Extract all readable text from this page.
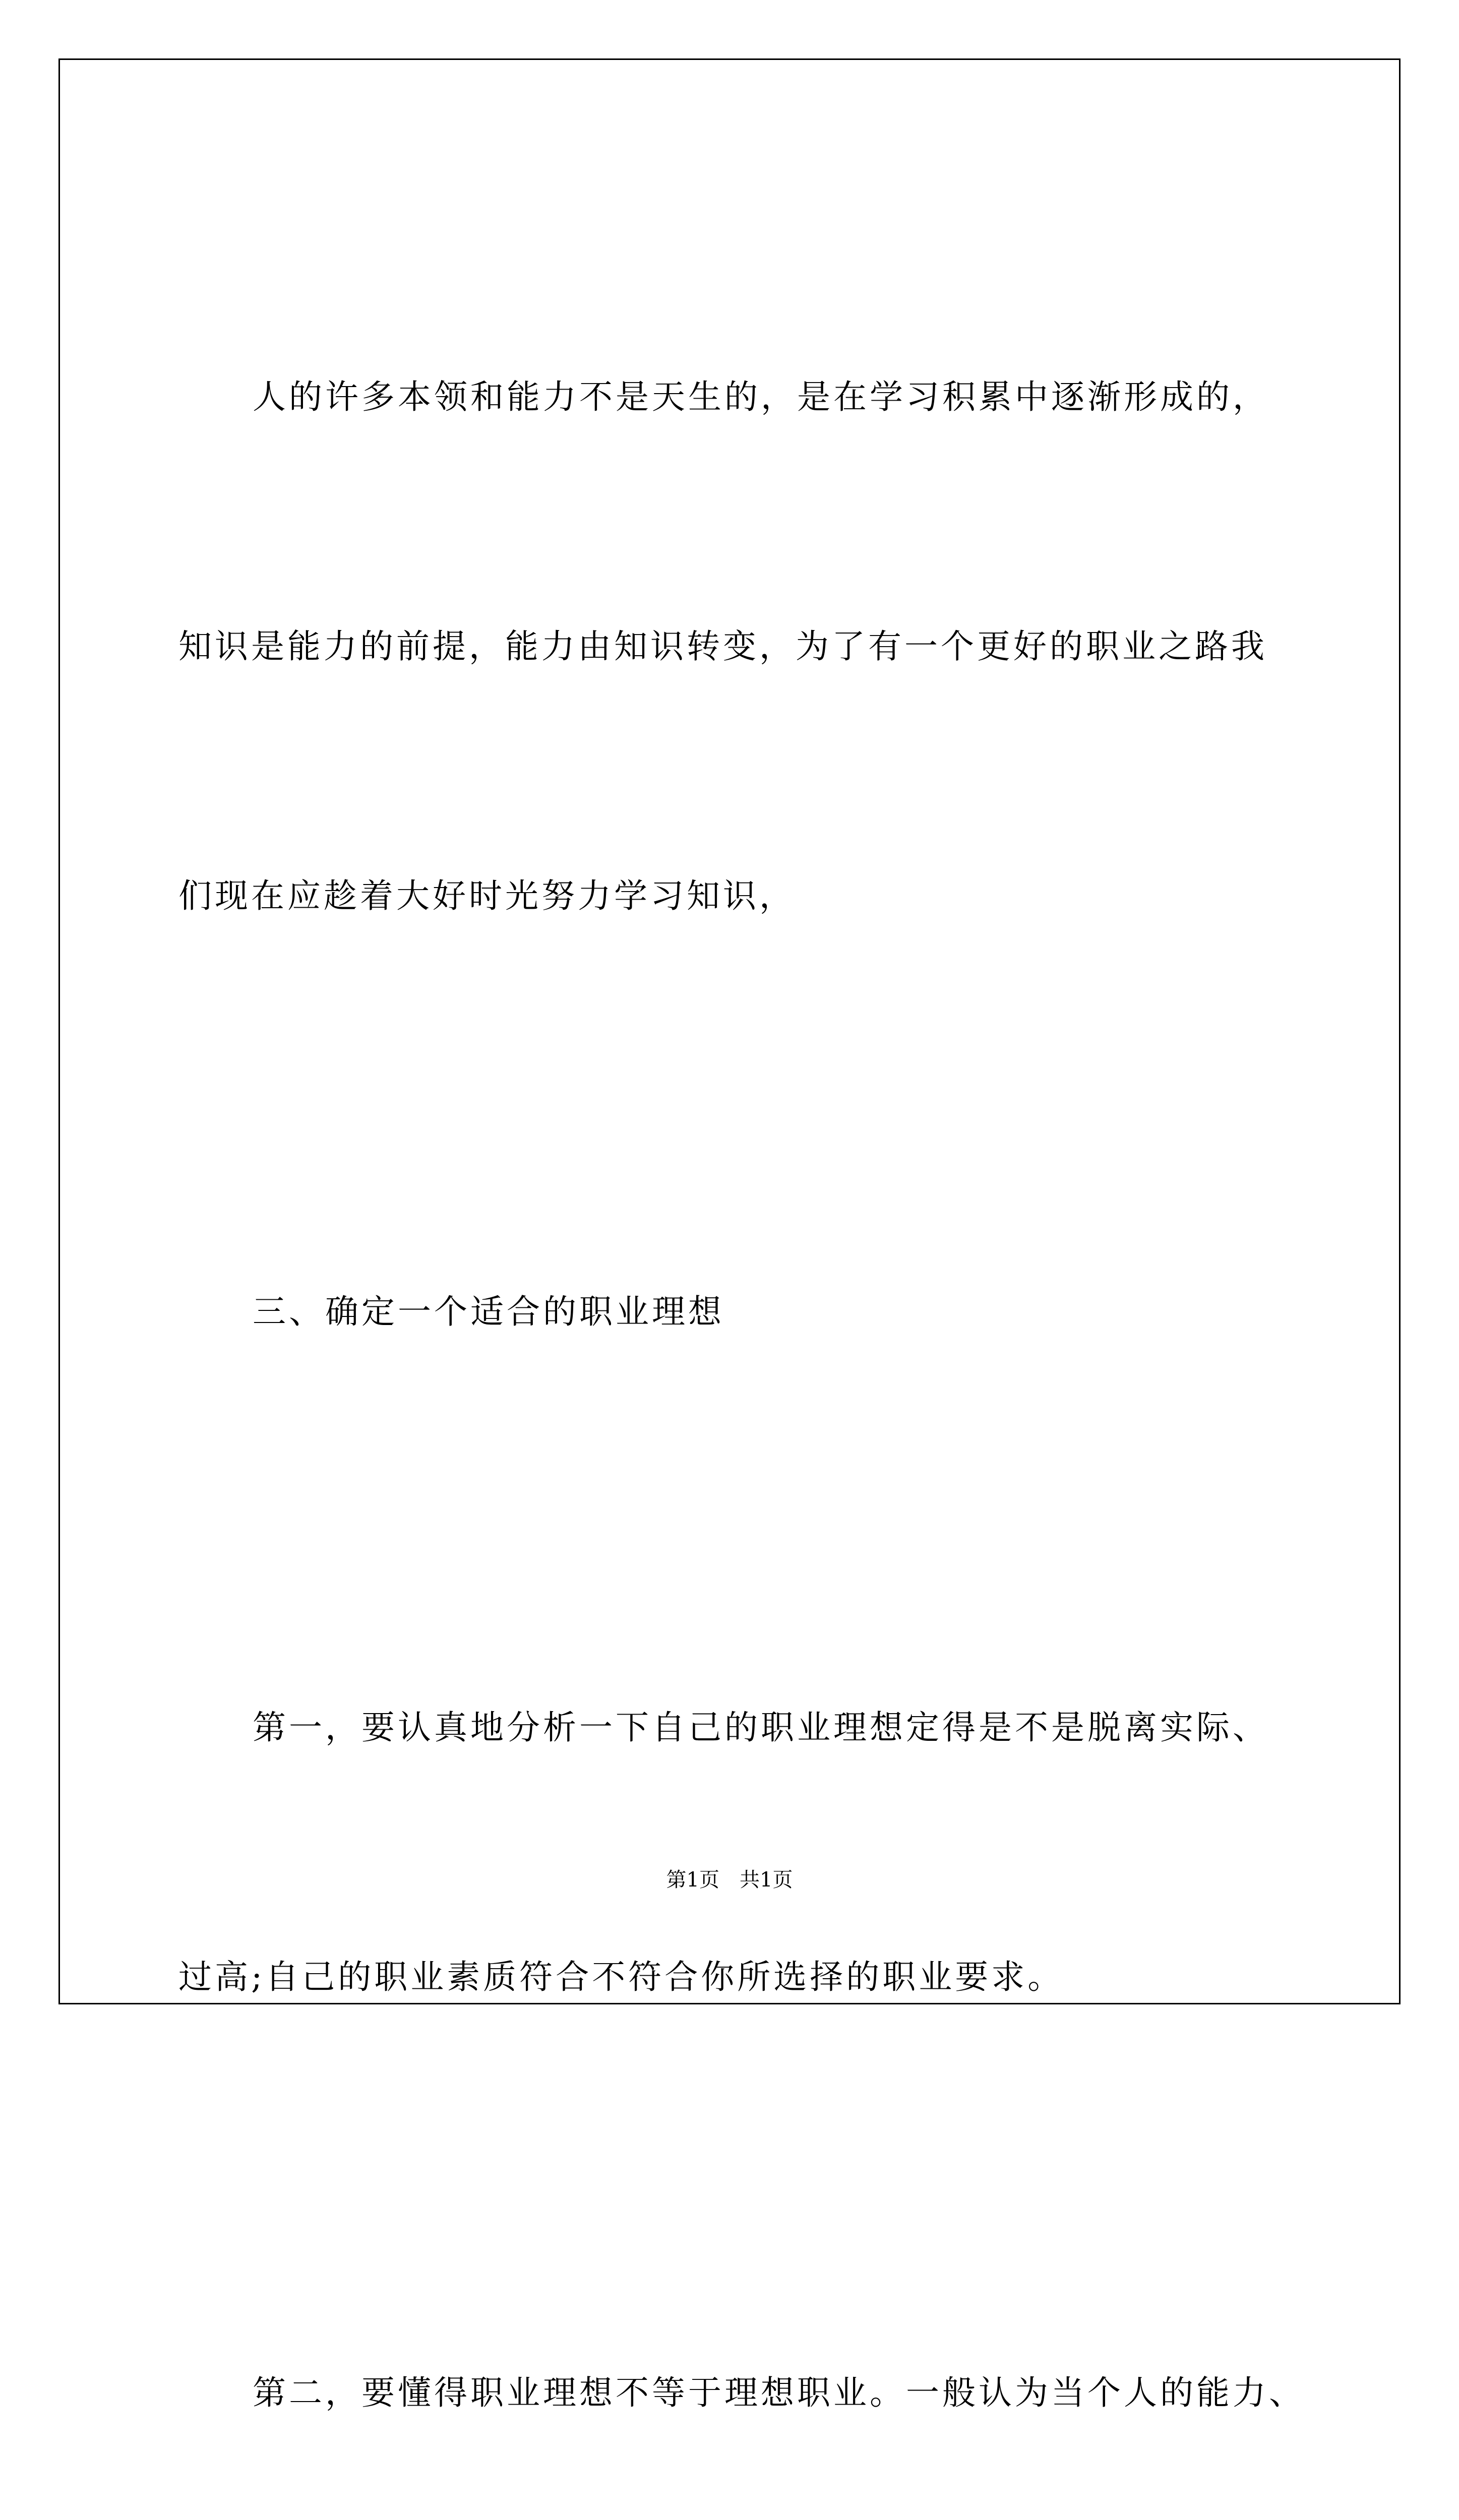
人的许多本领和能力不是天生的，是在学习积累中逐渐形成的，

知识是能力的前提，能力由知识转变，为了有一个更好的职业之路我

们现在应趁着大好时光努力学习知识，

三、确定一个适合的职业理想

第一，要认真地分析一下自己的职业理想定得是不是脱离实际、

过高;自己的职业素质符合不符合你所选择的职业要求。

第二，要懂得职业理想不等于理想职业。一般认为当个人的能力、

第1页　共1页
